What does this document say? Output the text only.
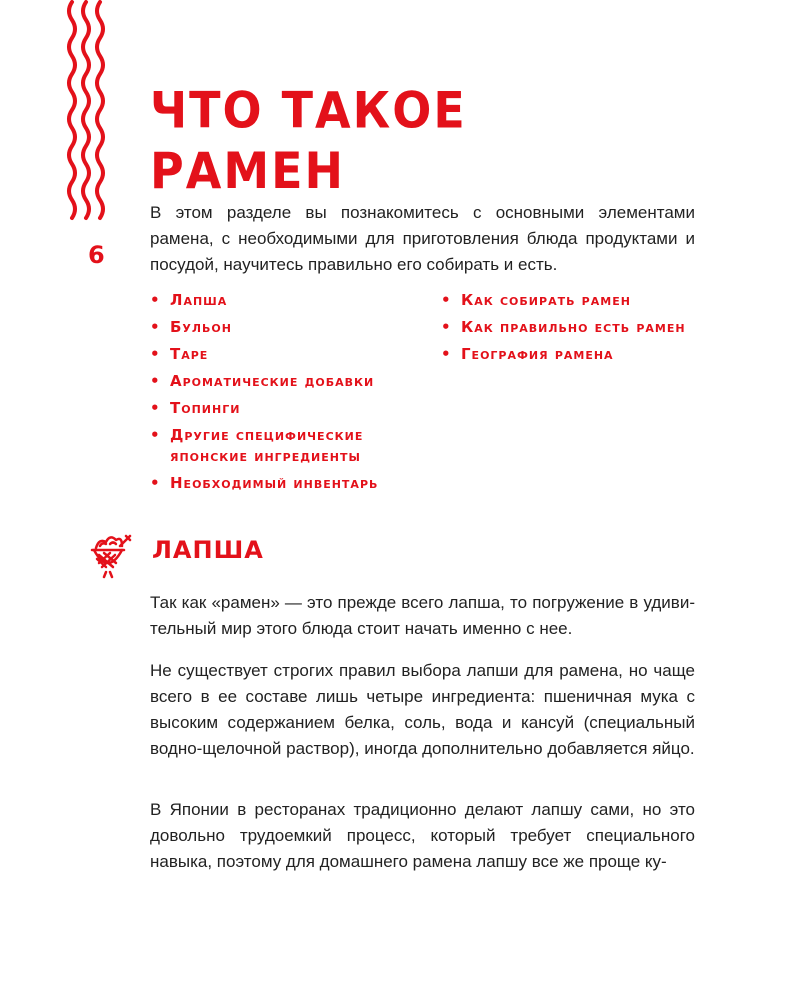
6
ЧТО ТАКОЕ
РАМЕН

В этом разделе вы познакомитесь с основными элементами рамена, с необходимыми для приготовления блюда продуктами и посудой, научитесь правильно его собирать и есть.

• Лапша
• Бульон
• Таре
• Ароматические добавки
• Топинги
• Другие специфические японские ингредиенты
• Необходимый инвентарь
• Как собирать рамен
• Как правильно есть рамен
• География рамена
ЛАПША

Так как «рамен» — это прежде всего лапша, то погружение в удивительный мир этого блюда стоит начать именно с нее.

Не существует строгих правил выбора лапши для рамена, но чаще всего в ее составе лишь четыре ингредиента: пшеничная мука с высоким содержанием белка, соль, вода и кансуй (специальный водно-щелочной раствор), иногда дополнительно добавляется яйцо.

В Японии в ресторанах традиционно делают лапшу сами, но это довольно трудоемкий процесс, который требует специального навыка, поэтому для домашнего рамена лапшу все же проще ку-
